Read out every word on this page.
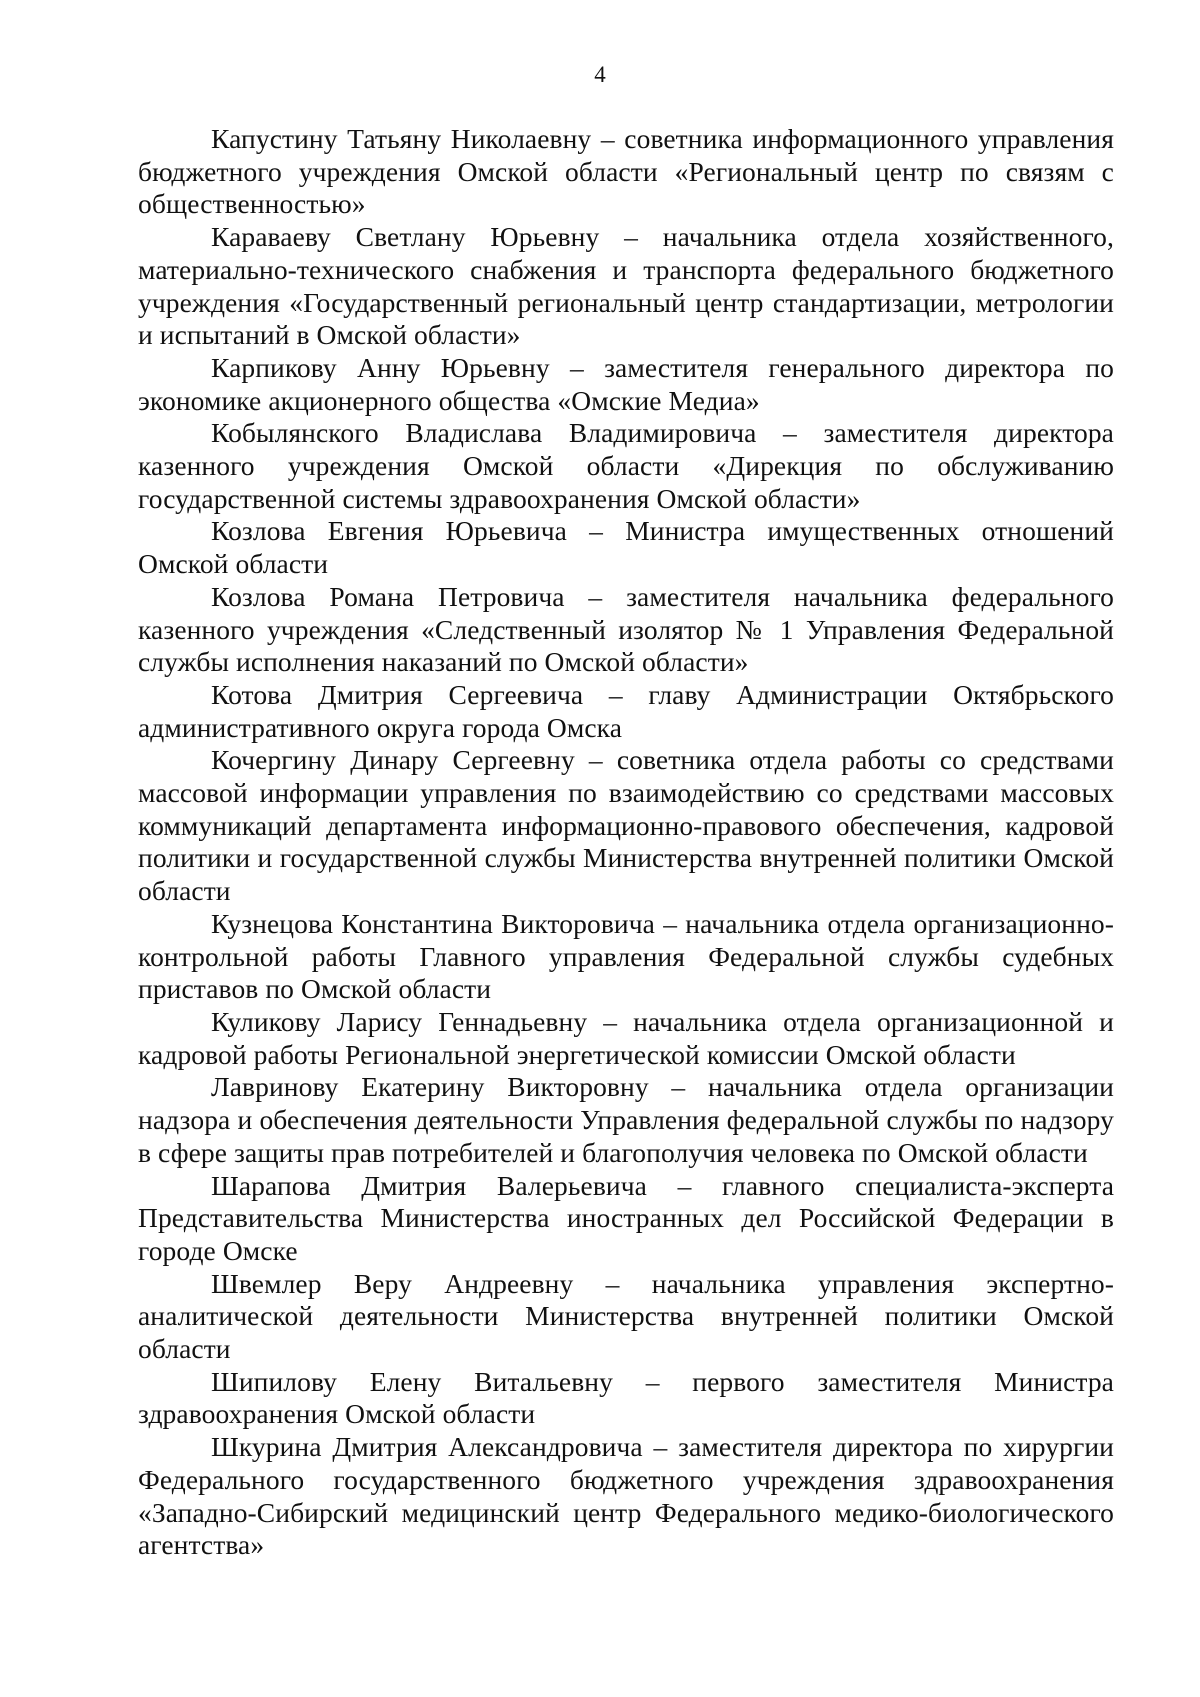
4

Капустину Татьяну Николаевну – советника информационного управления бюджетного учреждения Омской области «Региональный центр по связям с общественностью»

Караваеву Светлану Юрьевну – начальника отдела хозяйственного, материально-технического снабжения и транспорта федерального бюджетного учреждения «Государственный региональный центр стандартизации, метрологии и испытаний в Омской области»

Карпикову Анну Юрьевну – заместителя генерального директора по экономике акционерного общества «Омские Медиа»

Кобылянского Владислава Владимировича – заместителя директора казенного учреждения Омской области «Дирекция по обслуживанию государственной системы здравоохранения Омской области»

Козлова Евгения Юрьевича – Министра имущественных отношений Омской области

Козлова Романа Петровича – заместителя начальника федерального казенного учреждения «Следственный изолятор № 1 Управления Федеральной службы исполнения наказаний по Омской области»

Котова Дмитрия Сергеевича – главу Администрации Октябрьского административного округа города Омска

Кочергину Динару Сергеевну – советника отдела работы со средствами массовой информации управления по взаимодействию со средствами массовых коммуникаций департамента информационно-правового обеспечения, кадровой политики и государственной службы Министерства внутренней политики Омской области

Кузнецова Константина Викторовича – начальника отдела организационно-контрольной работы Главного управления Федеральной службы судебных приставов по Омской области

Куликову Ларису Геннадьевну – начальника отдела организационной и кадровой работы Региональной энергетической комиссии Омской области

Лавринову Екатерину Викторовну – начальника отдела организации надзора и обеспечения деятельности Управления федеральной службы по надзору в сфере защиты прав потребителей и благополучия человека по Омской области

Шарапова Дмитрия Валерьевича – главного специалиста-эксперта Представительства Министерства иностранных дел Российской Федерации в городе Омске

Швемлер Веру Андреевну – начальника управления экспертно-аналитической деятельности Министерства внутренней политики Омской области

Шипилову Елену Витальевну – первого заместителя Министра здравоохранения Омской области

Шкурина Дмитрия Александровича – заместителя директора по хирургии Федерального государственного бюджетного учреждения здравоохранения «Западно-Сибирский медицинский центр Федерального медико-биологического агентства»
